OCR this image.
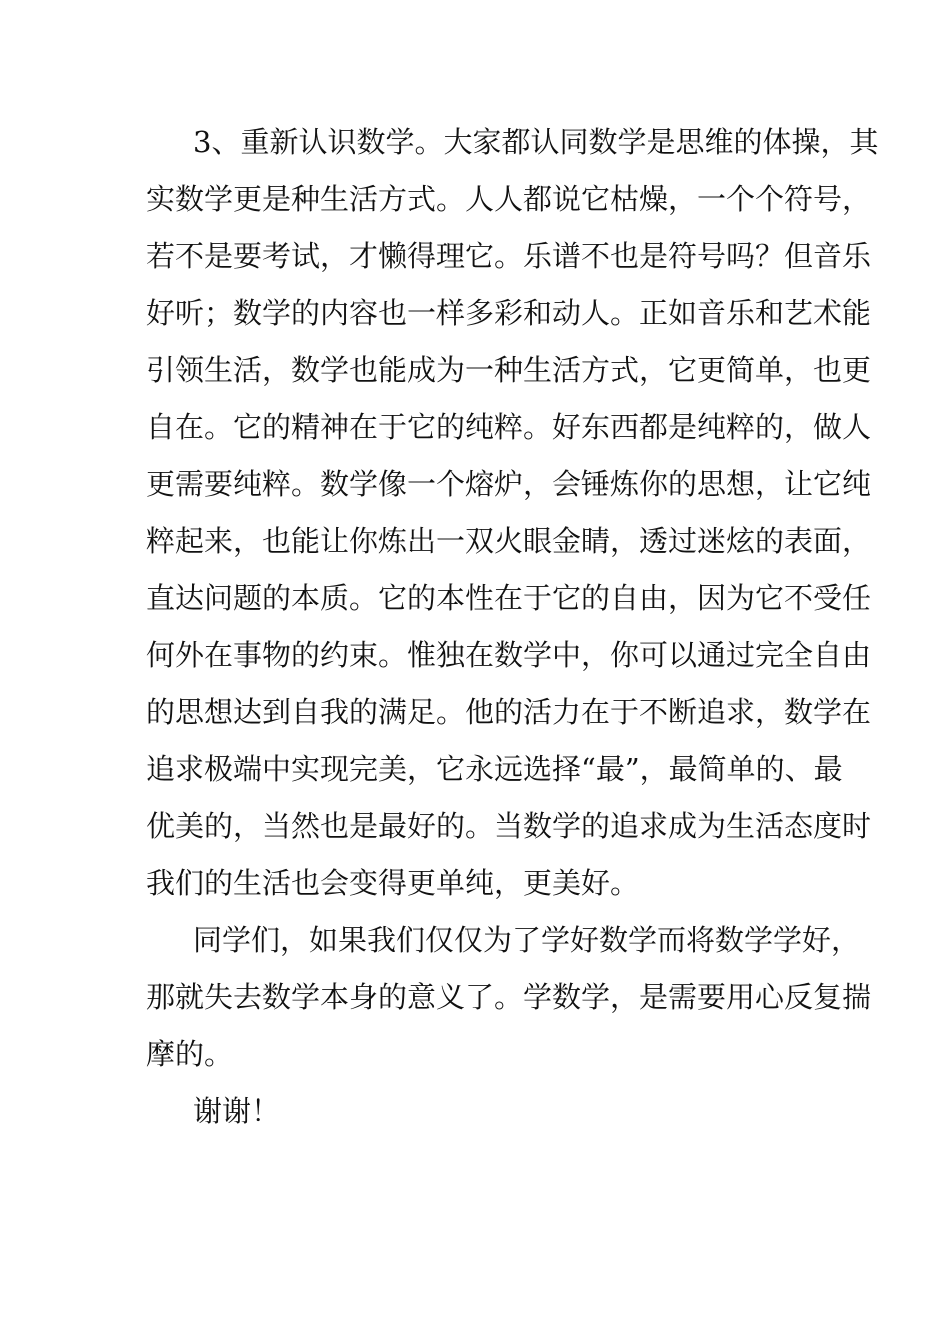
3、重新认识数学。大家都认同数学是思维的体操，其
实数学更是种生活方式。人人都说它枯燥，一个个符号，
若不是要考试，才懒得理它。乐谱不也是符号吗？但音乐
好听；数学的内容也一样多彩和动人。正如音乐和艺术能
引领生活，数学也能成为一种生活方式，它更简单，也更
自在。它的精神在于它的纯粹。好东西都是纯粹的，做人
更需要纯粹。数学像一个熔炉，会锤炼你的思想，让它纯
粹起来，也能让你炼出一双火眼金睛，透过迷炫的表面，
直达问题的本质。它的本性在于它的自由，因为它不受任
何外在事物的约束。惟独在数学中，你可以通过完全自由
的思想达到自我的满足。他的活力在于不断追求，数学在
追求极端中实现完美，它永远选择“最”，最简单的、最
优美的，当然也是最好的。当数学的追求成为生活态度时
我们的生活也会变得更单纯，更美好。
同学们，如果我们仅仅为了学好数学而将数学学好，
那就失去数学本身的意义了。学数学，是需要用心反复揣
摩的。
谢谢！
